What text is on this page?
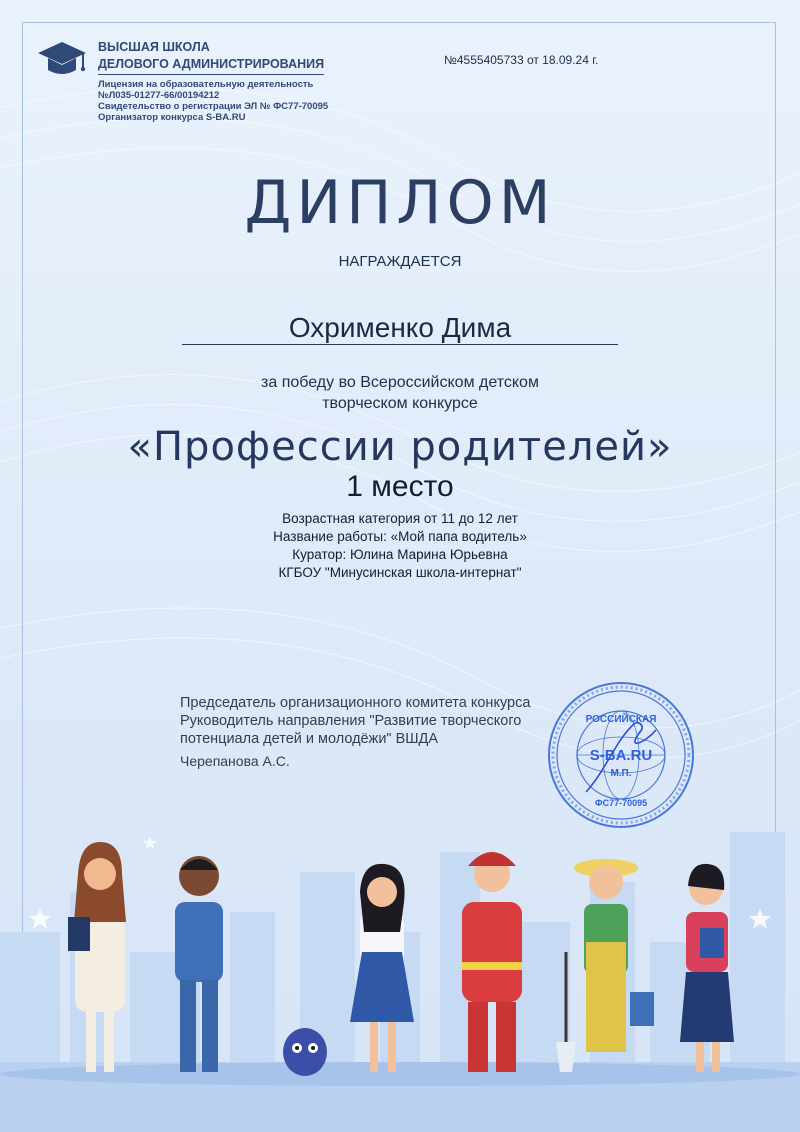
ВЫСШАЯ ШКОЛА

ДЕЛОВОГО АДМИНИСТРИРОВАНИЯ

Лицензия на образовательную деятельность

№Л035-01277-66/00194212

Свидетельство о регистрации ЭЛ № ФС77-70095

Организатор конкурса S-BA.RU

№4555405733 от 18.09.24 г.
ДИПЛОМ
НАГРАЖДАЕТСЯ
Охрименко Дима

за победу во Всероссийском детском

творческом конкурсе

«Профессии родителей»
1 место

Возрастная категория от 11 до 12 лет

Название работы: «Мой папа водитель»

Куратор: Юлина Марина Юрьевна

КГБОУ "Минусинская школа-интернат"

Председатель организационного комитета конкурса

Руководитель направления "Развитие творческого

потенциала детей и молодёжи" ВШДА

Черепанова А.С.

РОССИЙСКАЯ
S-BA.RU
М.П.
ФС77-70095
